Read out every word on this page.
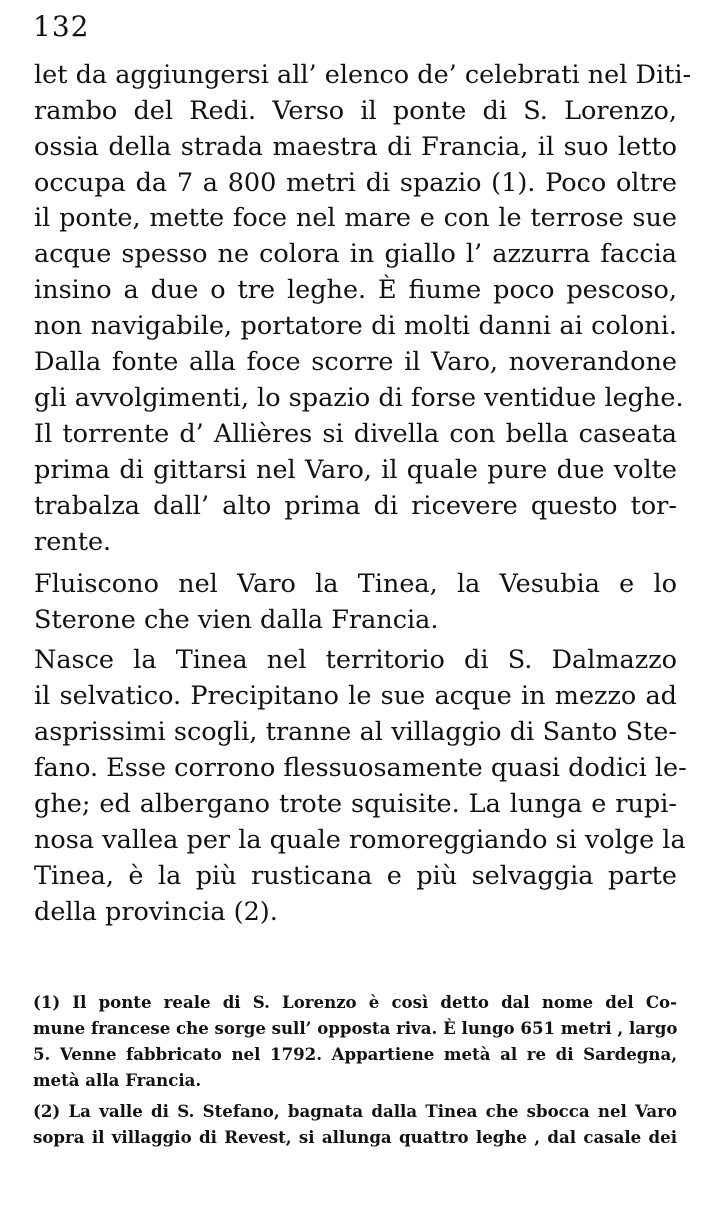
132
let da aggiungersi all’ elenco de’ celebrati nel Diti-
rambo del Redi. Verso il ponte di S. Lorenzo,
ossia della strada maestra di Francia, il suo letto
occupa da 7 a 800 metri di spazio (1). Poco oltre
il ponte, mette foce nel mare e con le terrose sue
acque spesso ne colora in giallo l’ azzurra faccia
insino a due o tre leghe. È fiume poco pescoso,
non navigabile, portatore di molti danni ai coloni.
Dalla fonte alla foce scorre il Varo, noverandone
gli avvolgimenti, lo spazio di forse ventidue leghe.
Il torrente d’ Allières si divella con bella caseata
prima di gittarsi nel Varo, il quale pure due volte
trabalza dall’ alto prima di ricevere questo tor-
rente.
Fluiscono nel Varo la Tinea, la Vesubia e lo
Sterone che vien dalla Francia.
Nasce la Tinea nel territorio di S. Dalmazzo
il selvatico. Precipitano le sue acque in mezzo ad
asprissimi scogli, tranne al villaggio di Santo Ste-
fano. Esse corrono flessuosamente quasi dodici le-
ghe; ed albergano trote squisite. La lunga e rupi-
nosa vallea per la quale romoreggiando si volge la
Tinea, è la più rusticana e più selvaggia parte
della provincia (2).
(1) Il ponte reale di S. Lorenzo è così detto dal nome del Co-
mune francese che sorge sull’ opposta riva. È lungo 651 metri , largo
5. Venne fabbricato nel 1792. Appartiene metà al re di Sardegna,
metà alla Francia.
(2) La valle di S. Stefano, bagnata dalla Tinea che sbocca nel Varo
sopra il villaggio di Revest, si allunga quattro leghe , dal casale dei
